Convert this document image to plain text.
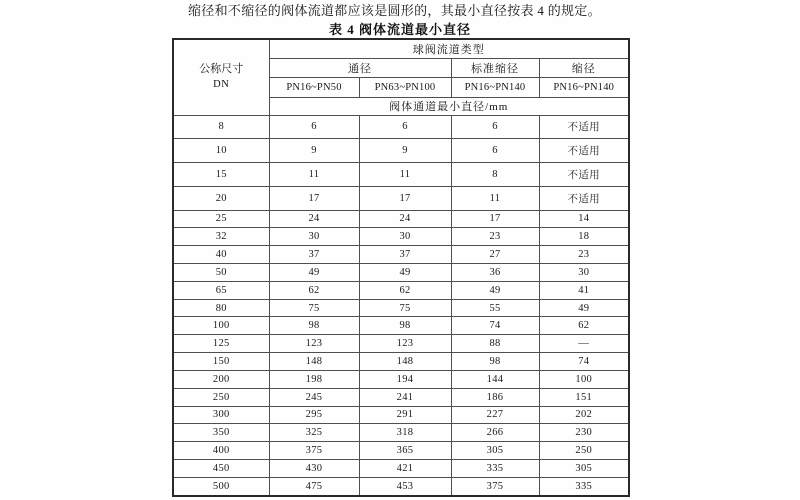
缩径和不缩径的阀体流道都应该是圆形的，其最小直径按表 4 的规定。

表 4 阀体流道最小直径
公称尺寸
DN	球阀流道类型			
	通径		标准缩径	缩径
	PN16~PN50	PN63~PN100	PN16~PN140	PN16~PN140
	阀体通道最小直径/mm			
8	6	6	6	不适用
10	9	9	6	不适用
15	11	11	8	不适用
20	17	17	11	不适用
25	24	24	17	14
32	30	30	23	18
40	37	37	27	23
50	49	49	36	30
65	62	62	49	41
80	75	75	55	49
100	98	98	74	62
125	123	123	88	—
150	148	148	98	74
200	198	194	144	100
250	245	241	186	151
300	295	291	227	202
350	325	318	266	230
400	375	365	305	250
450	430	421	335	305
500	475	453	375	335
